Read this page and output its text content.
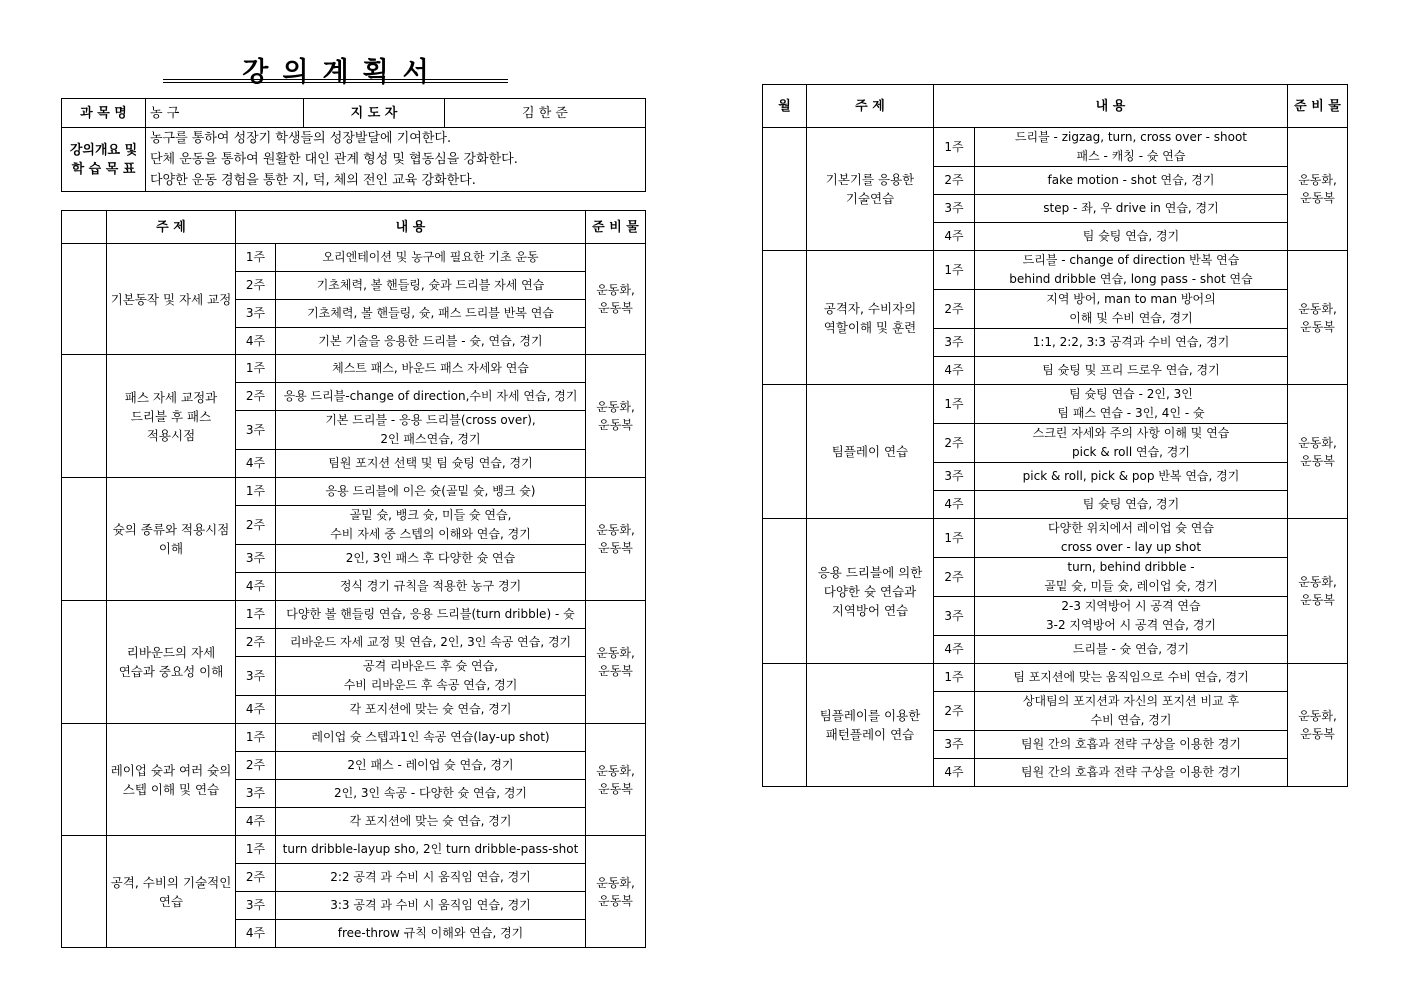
강의계획서
과 목 명	농 구	지 도 자	김 한 준

강의개요 및
학 습 목 표	농구를 통하여 성장기 학생들의 성장발달에 기여한다.
단체 운동을 통하여 원활한 대인 관계 형성 및 협동심을 강화한다.
다양한 운동 경험을 통한 지, 덕, 체의 전인 교육 강화한다.		
	주 제	내 용		준 비 물

	기본동작 및 자세 교정	1주	오리엔테이션 및 농구에 필요한 기초 운동	운동화,
운동복

		2주	기초체력, 볼 핸들링, 슛과 드리블 자세 연습	

		3주	기초체력, 볼 핸들링, 슛, 패스 드리블 반복 연습	

		4주	기본 기술을 응용한 드리블 - 슛, 연습, 경기	

	패스 자세 교정과
드리블 후 패스
적용시점	1주	체스트 패스, 바운드 패스 자세와 연습	운동화,
운동복

		2주	응용 드리블-change of direction,수비 자세 연습, 경기	

		3주	기본 드리블 - 응용 드리블(cross over),
2인 패스연습, 경기	

		4주	팀원 포지션 선택 및 팀 슛팅 연습, 경기	

	슛의 종류와 적용시점
이해	1주	응용 드리블에 이은 슛(골밑 슛, 뱅크 슛)	운동화,
운동복

		2주	골밑 슛, 뱅크 슛, 미들 슛 연습,
수비 자세 중 스텝의 이해와 연습, 경기	

		3주	2인, 3인 패스 후 다양한 슛 연습	

		4주	정식 경기 규칙을 적용한 농구 경기	

	리바운드의 자세
연습과 중요성 이해	1주	다양한 볼 핸들링 연습, 응용 드리블(turn dribble) - 슛	운동화,
운동복

		2주	리바운드 자세 교정 및 연습, 2인, 3인 속공 연습, 경기	

		3주	공격 리바운드 후 슛 연습,
수비 리바운드 후 속공 연습, 경기	

		4주	각 포지션에 맞는 슛 연습, 경기	

	레이업 슛과 여러 슛의
스텝 이해 및 연습	1주	레이업 슛 스텝과1인 속공 연습(lay-up shot)	운동화,
운동복

		2주	2인 패스 - 레이업 슛 연습, 경기	

		3주	2인, 3인 속공 - 다양한 슛 연습, 경기	

		4주	각 포지션에 맞는 슛 연습, 경기	

	공격, 수비의 기술적인
연습	1주	turn dribble-layup sho, 2인 turn dribble-pass-shot	운동화,
운동복

		2주	2:2 공격 과 수비 시 움직임 연습, 경기	

		3주	3:3 공격 과 수비 시 움직임 연습, 경기	

		4주	free-throw 규칙 이해와 연습, 경기	
월	주 제	내 용		준 비 물

	기본기를 응용한
기술연습	1주	드리블 - zigzag, turn, cross over - shoot
패스 - 캐칭 - 슛 연습	운동화,
운동복

		2주	fake motion - shot 연습, 경기	

		3주	step - 좌, 우 drive in 연습, 경기	

		4주	팀 슛팅 연습, 경기	

	공격자, 수비자의
역할이해 및 훈련	1주	드리블 - change of direction 반복 연습
behind dribble 연습, long pass - shot 연습	운동화,
운동복

		2주	지역 방어, man to man 방어의
이해 및 수비 연습, 경기	

		3주	1:1, 2:2, 3:3 공격과 수비 연습, 경기	

		4주	팀 슛팅 및 프리 드로우 연습, 경기	

	팀플레이 연습	1주	팀 슛팅 연습 - 2인, 3인
팀 패스 연습 - 3인, 4인 - 슛	운동화,
운동복

		2주	스크린 자세와 주의 사항 이해 및 연습
pick & roll 연습, 경기	

		3주	pick & roll, pick & pop 반복 연습, 경기	

		4주	팀 슛팅 연습, 경기	

	응용 드리블에 의한
다양한 슛 연습과
지역방어 연습	1주	다양한 위치에서 레이업 슛 연습
cross over - lay up shot	운동화,
운동복

		2주	turn, behind dribble -
골밑 슛, 미들 슛, 레이업 슛, 경기	

		3주	2-3 지역방어 시 공격 연습
3-2 지역방어 시 공격 연습, 경기	

		4주	드리블 - 슛 연습, 경기	

	팀플레이를 이용한
패턴플레이 연습	1주	팀 포지션에 맞는 움직임으로 수비 연습, 경기	운동화,
운동복

		2주	상대팀의 포지션과 자신의 포지션 비교 후
수비 연습, 경기	

		3주	팀원 간의 호흡과 전략 구상을 이용한 경기	

		4주	팀원 간의 호흡과 전략 구상을 이용한 경기	
